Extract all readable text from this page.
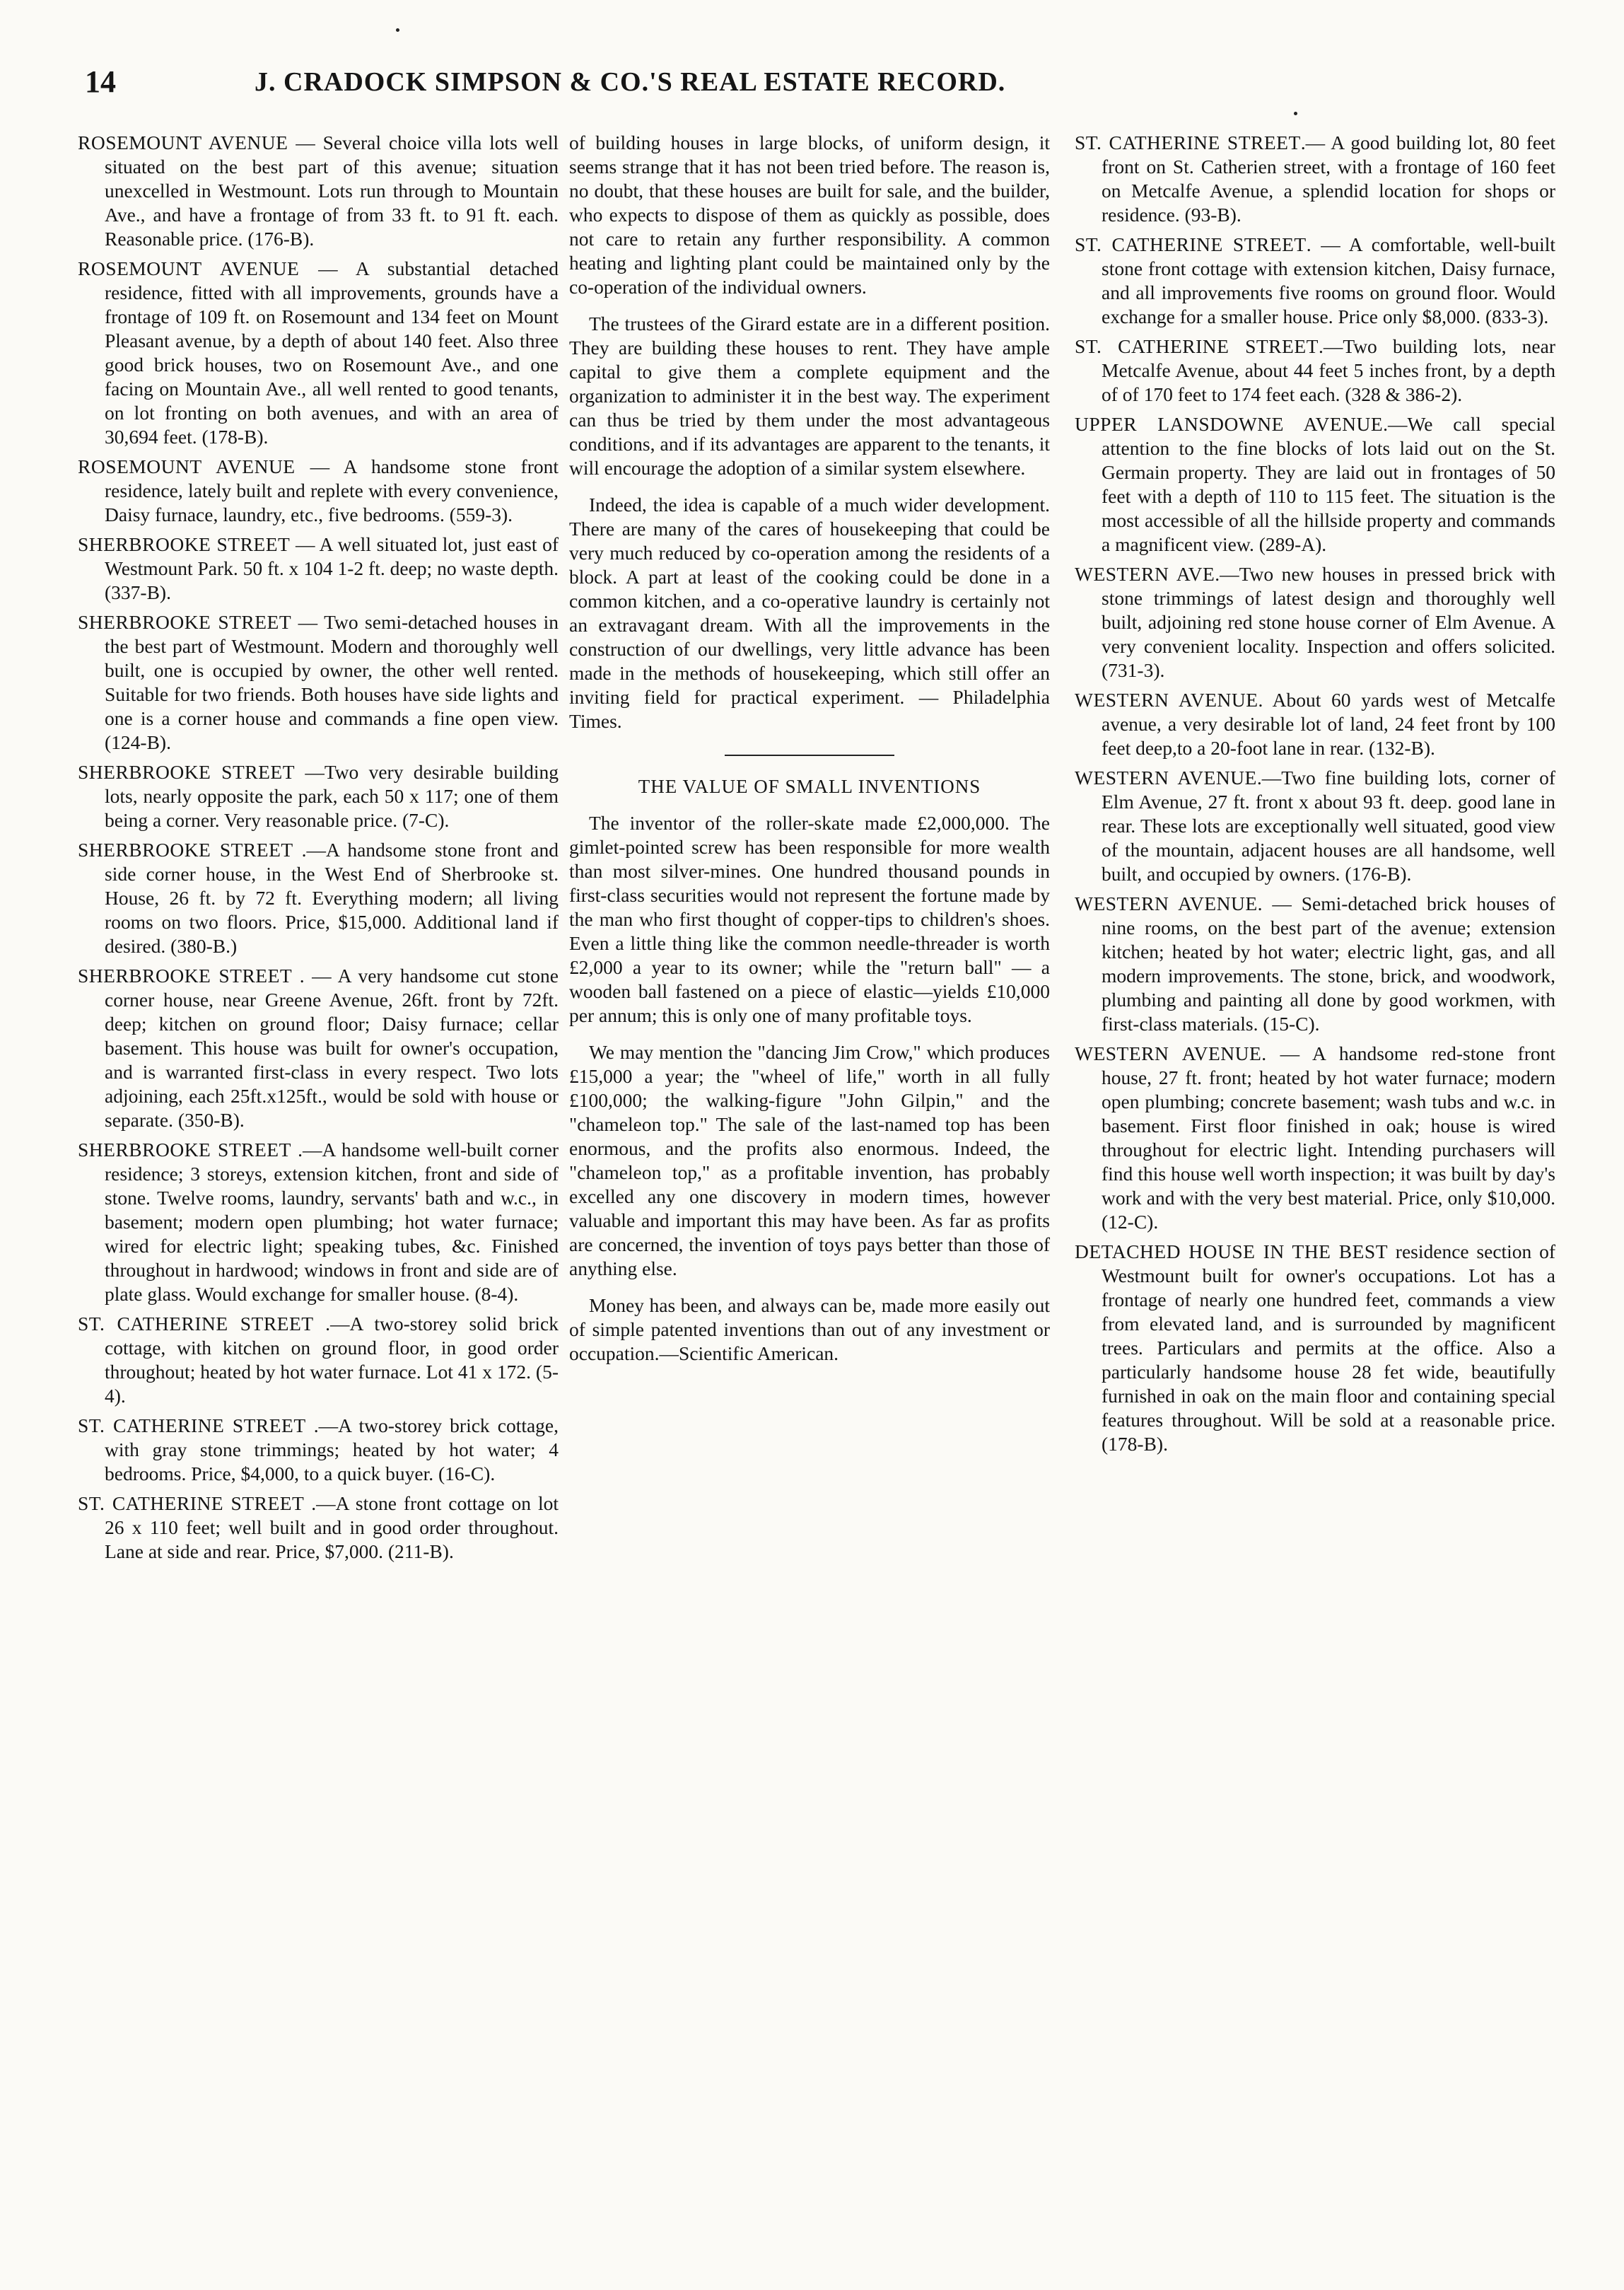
14	J. CRADOCK SIMPSON & CO.'S REAL ESTATE RECORD.

ROSEMOUNT AVENUE — Several choice villa lots well situated on the best part of this avenue; situation unexcelled in Westmount. Lots run through to Mountain Ave., and have a frontage of from 33 ft. to 91 ft. each. Reasonable price. (176-B).

ROSEMOUNT AVENUE — A substantial detached residence, fitted with all improvements, grounds have a frontage of 109 ft. on Rosemount and 134 feet on Mount Pleasant avenue, by a depth of about 140 feet. Also three good brick houses, two on Rosemount Ave., and one facing on Mountain Ave., all well rented to good tenants, on lot fronting on both avenues, and with an area of 30,694 feet. (178-B).

ROSEMOUNT AVENUE — A handsome stone front residence, lately built and replete with every convenience, Daisy furnace, laundry, etc., five bedrooms. (559-3).

SHERBROOKE STREET — A well situated lot, just east of Westmount Park. 50 ft. x 104 1-2 ft. deep; no waste depth. (337-B).

SHERBROOKE STREET — Two semi-detached houses in the best part of Westmount. Modern and thoroughly well built, one is occupied by owner, the other well rented. Suitable for two friends. Both houses have side lights and one is a corner house and commands a fine open view. (124-B).

SHERBROOKE STREET —Two very desirable building lots, nearly opposite the park, each 50 x 117; one of them being a corner. Very reasonable price. (7-C).

SHERBROOKE STREET .—A handsome stone front and side corner house, in the West End of Sherbrooke st. House, 26 ft. by 72 ft. Everything modern; all living rooms on two floors. Price, $15,000. Additional land if desired. (380-B.)

SHERBROOKE STREET . — A very handsome cut stone corner house, near Greene Avenue, 26ft. front by 72ft. deep; kitchen on ground floor; Daisy furnace; cellar basement. This house was built for owner's occupation, and is warranted first-class in every respect. Two lots adjoining, each 25ft.x125ft., would be sold with house or separate. (350-B).

SHERBROOKE STREET .—A handsome well-built corner residence; 3 storeys, extension kitchen, front and side of stone. Twelve rooms, laundry, servants' bath and w.c., in basement; modern open plumbing; hot water furnace; wired for electric light; speaking tubes, &c. Finished throughout in hardwood; windows in front and side are of plate glass. Would exchange for smaller house. (8-4).

ST. CATHERINE STREET .—A two-storey solid brick cottage, with kitchen on ground floor, in good order throughout; heated by hot water furnace. Lot 41 x 172. (5-4).

ST. CATHERINE STREET .—A two-storey brick cottage, with gray stone trimmings; heated by hot water; 4 bedrooms. Price, $4,000, to a quick buyer. (16-C).

ST. CATHERINE STREET .—A stone front cottage on lot 26 x 110 feet; well built and in good order throughout. Lane at side and rear. Price, $7,000. (211-B).

of building houses in large blocks, of uniform design, it seems strange that it has not been tried before. The reason is, no doubt, that these houses are built for sale, and the builder, who expects to dispose of them as quickly as possible, does not care to retain any further responsibility. A common heating and lighting plant could be maintained only by the co-operation of the individual owners.

The trustees of the Girard estate are in a different position. They are building these houses to rent. They have ample capital to give them a complete equipment and the organization to administer it in the best way. The experiment can thus be tried by them under the most advantageous conditions, and if its advantages are apparent to the tenants, it will encourage the adoption of a similar system elsewhere.

Indeed, the idea is capable of a much wider development. There are many of the cares of housekeeping that could be very much reduced by co-operation among the residents of a block. A part at least of the cooking could be done in a common kitchen, and a co-operative laundry is certainly not an extravagant dream. With all the improvements in the construction of our dwellings, very little advance has been made in the methods of housekeeping, which still offer an inviting field for practical experiment. — Philadelphia Times.

THE VALUE OF SMALL INVENTIONS

The inventor of the roller-skate made £2,000,000. The gimlet-pointed screw has been responsible for more wealth than most silver-mines. One hundred thousand pounds in first-class securities would not represent the fortune made by the man who first thought of copper-tips to children's shoes. Even a little thing like the common needle-threader is worth £2,000 a year to its owner; while the "return ball" — a wooden ball fastened on a piece of elastic—yields £10,000 per annum; this is only one of many profitable toys.

We may mention the "dancing Jim Crow," which produces £15,000 a year; the "wheel of life," worth in all fully £100,000; the walking-figure "John Gilpin," and the "chameleon top." The sale of the last-named top has been enormous, and the profits also enormous. Indeed, the "chameleon top," as a profitable invention, has probably excelled any one discovery in modern times, however valuable and important this may have been. As far as profits are concerned, the invention of toys pays better than those of anything else.

Money has been, and always can be, made more easily out of simple patented inventions than out of any investment or occupation.—Scientific American.

ST. CATHERINE STREET.— A good building lot, 80 feet front on St. Catherien street, with a frontage of 160 feet on Metcalfe Avenue, a splendid location for shops or residence. (93-B).

ST. CATHERINE STREET. — A comfortable, well-built stone front cottage with extension kitchen, Daisy furnace, and all improvements five rooms on ground floor. Would exchange for a smaller house. Price only $8,000. (833-3).

ST. CATHERINE STREET.—Two building lots, near Metcalfe Avenue, about 44 feet 5 inches front, by a depth of of 170 feet to 174 feet each. (328 & 386-2).

UPPER LANSDOWNE AVENUE.—We call special attention to the fine blocks of lots laid out on the St. Germain property. They are laid out in frontages of 50 feet with a depth of 110 to 115 feet. The situation is the most accessible of all the hillside property and commands a magnificent view. (289-A).

WESTERN AVE.—Two new houses in pressed brick with stone trimmings of latest design and thoroughly well built, adjoining red stone house corner of Elm Avenue. A very convenient locality. Inspection and offers solicited. (731-3).

WESTERN AVENUE. About 60 yards west of Metcalfe avenue, a very desirable lot of land, 24 feet front by 100 feet deep,to a 20-foot lane in rear. (132-B).

WESTERN AVENUE.—Two fine building lots, corner of Elm Avenue, 27 ft. front x about 93 ft. deep. good lane in rear. These lots are exceptionally well situated, good view of the mountain, adjacent houses are all handsome, well built, and occupied by owners. (176-B).

WESTERN AVENUE. — Semi-detached brick houses of nine rooms, on the best part of the avenue; extension kitchen; heated by hot water; electric light, gas, and all modern improvements. The stone, brick, and woodwork, plumbing and painting all done by good workmen, with first-class materials. (15-C).

WESTERN AVENUE. — A handsome red-stone front house, 27 ft. front; heated by hot water furnace; modern open plumbing; concrete basement; wash tubs and w.c. in basement. First floor finished in oak; house is wired throughout for electric light. Intending purchasers will find this house well worth inspection; it was built by day's work and with the very best material. Price, only $10,000. (12-C).

DETACHED HOUSE IN THE BEST residence section of Westmount built for owner's occupations. Lot has a frontage of nearly one hundred feet, commands a view from elevated land, and is surrounded by magnificent trees. Particulars and permits at the office. Also a particularly handsome house 28 fet wide, beautifully furnished in oak on the main floor and containing special features throughout. Will be sold at a reasonable price. (178-B).
